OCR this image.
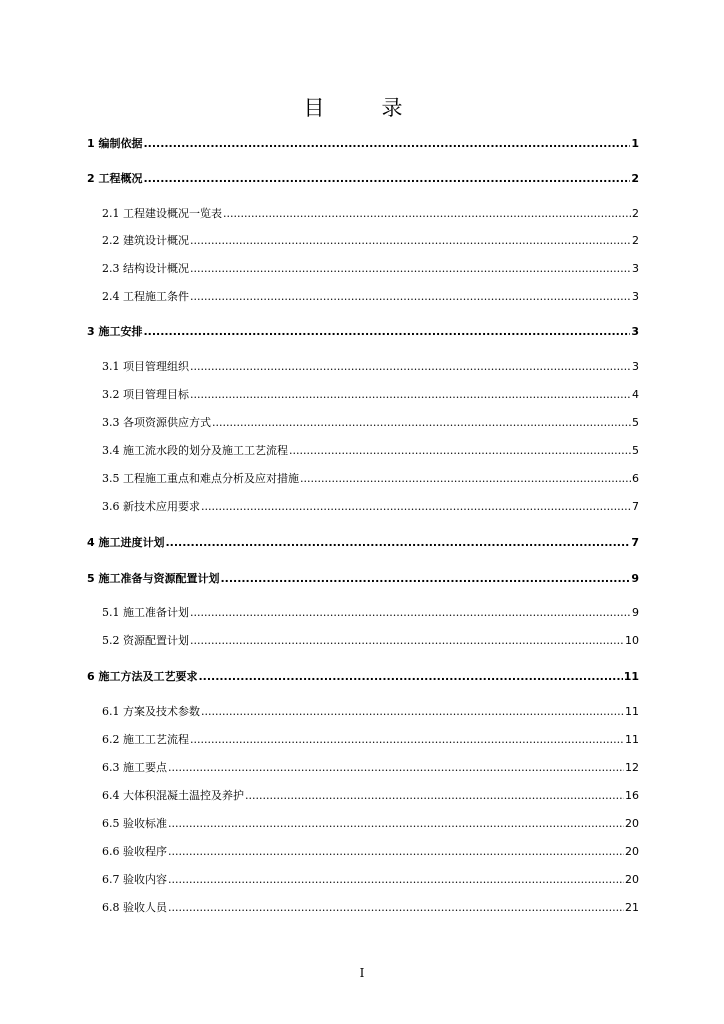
目　录
1 编制依据 .....	1
2 工程概况 .....	2
2.1 工程建设概况一览表 .....	2
2.2 建筑设计概况 .....	2
2.3 结构设计概况 .....	3
2.4 工程施工条件 .....	3
3 施工安排 .....	3
3.1 项目管理组织 .....	3
3.2 项目管理目标 .....	4
3.3 各项资源供应方式 .....	5
3.4 施工流水段的划分及施工工艺流程 .....	5
3.5 工程施工重点和难点分析及应对措施 .....	6
3.6 新技术应用要求 .....	7
4 施工进度计划 .....	7
5 施工准备与资源配置计划 .....	9
5.1 施工准备计划 .....	9
5.2 资源配置计划 .....	10
6 施工方法及工艺要求 .....	11
6.1 方案及技术参数 .....	11
6.2 施工工艺流程 .....	11
6.3 施工要点 .....	12
6.4 大体积混凝土温控及养护 .....	16
6.5 验收标准 .....	20
6.6 验收程序 .....	20
6.7 验收内容 .....	20
6.8 验收人员 .....	21
I
